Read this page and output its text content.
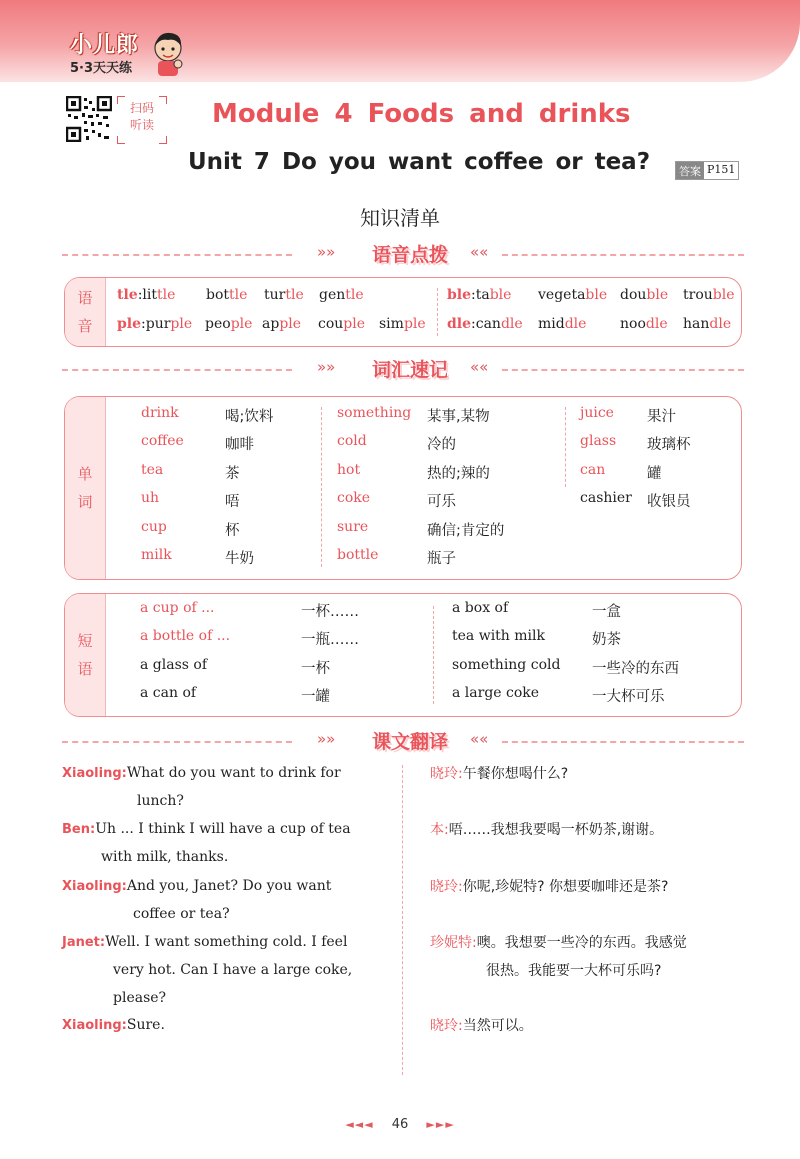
小儿郎
5·3天天练
扫码
听读	Module 4 Foods and drinks
Unit 7 Do you want coffee or tea?	答案 P151
知识清单
»»	语音点拨	««
语
音
tle:little bottle turtle gentle	ble:table vegetable double trouble
ple:purple people apple couple simple dle:candle middle noodle handle
»»	词汇速记	««
单
词
drink	喝;饮料
coffee	咖啡
tea	茶
uh	唔
cup	杯
milk	牛奶
something 某事,某物
cold	冷的
hot	热的;辣的
coke	可乐
sure	确信;肯定的
bottle	瓶子
juice 果汁
glass 玻璃杯
can	罐
cashier 收银员
短
语
a cup of ...	一杯……
a bottle of ...	一瓶……
a glass of	一杯
a can of	一罐
a box of	一盒
tea with milk	奶茶
something cold 一些冷的东西
a large coke	一大杯可乐
»»	课文翻译	««
Xiaoling:What do you want to drink for
lunch?
Ben:Uh ... I think I will have a cup of tea
with milk, thanks.
Xiaoling:And you, Janet? Do you want
coffee or tea?
Janet:Well. I want something cold. I feel
very hot. Can I have a large coke,
please?
Xiaoling:Sure.
晓玲:午餐你想喝什么?
本:唔……我想我要喝一杯奶茶,谢谢。
晓玲:你呢,珍妮特? 你想要咖啡还是茶?
珍妮特:噢。我想要一些冷的东西。我感觉
很热。我能要一大杯可乐吗?
晓玲:当然可以。
◄◄◄ 46 ►►►
